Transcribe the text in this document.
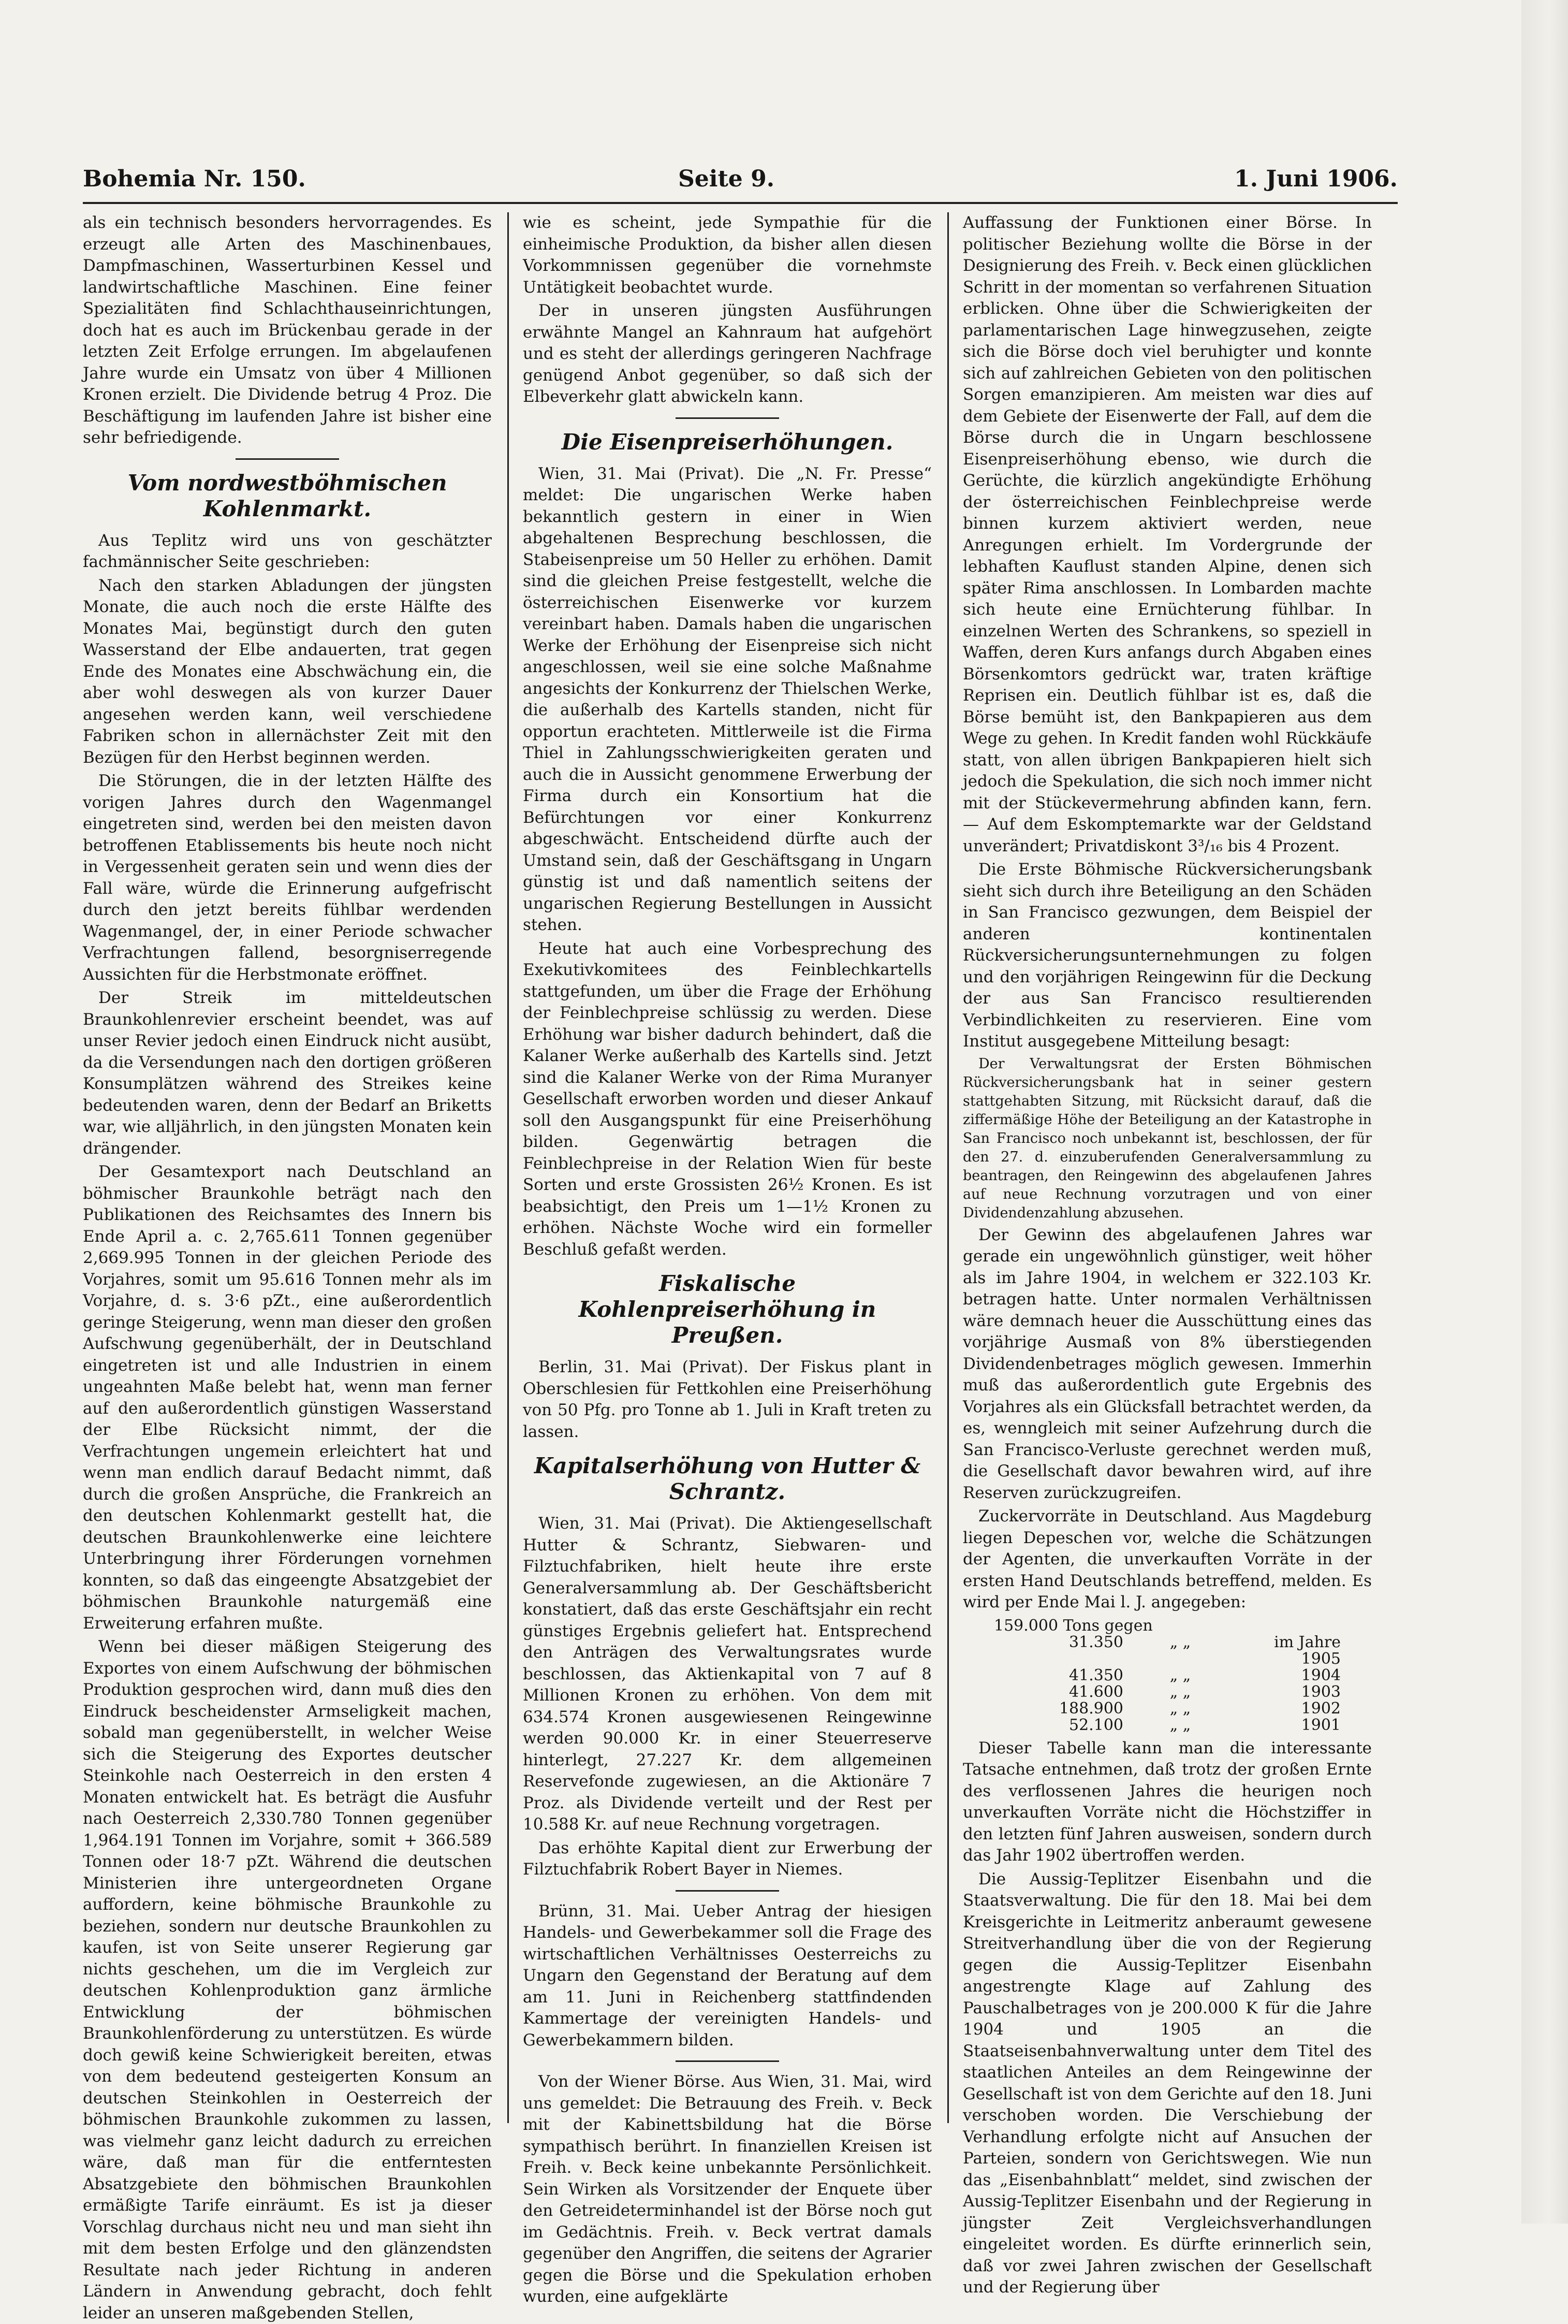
Bohemia Nr. 150.	Seite 9.	1. Juni 1906.

als ein technisch besonders hervorragendes. Es erzeugt alle Arten des Maschinenbaues, Dampfmaschinen, Wasserturbinen Kessel und landwirtschaftliche Maschinen. Eine feiner Spezialitäten find Schlachthauseinrichtungen, doch hat es auch im Brückenbau gerade in der letzten Zeit Erfolge errungen. Im abgelaufenen Jahre wurde ein Umsatz von über 4 Millionen Kronen erzielt. Die Dividende betrug 4 Proz. Die Beschäftigung im laufenden Jahre ist bisher eine sehr befriedigende.

Vom nordwestböhmischen Kohlenmarkt.

Aus Teplitz wird uns von geschätzter fachmännischer Seite geschrieben:

Nach den starken Abladungen der jüngsten Monate, die auch noch die erste Hälfte des Monates Mai, begünstigt durch den guten Wasserstand der Elbe andauerten, trat gegen Ende des Monates eine Abschwächung ein, die aber wohl deswegen als von kurzer Dauer angesehen werden kann, weil verschiedene Fabriken schon in allernächster Zeit mit den Bezügen für den Herbst beginnen werden.

Die Störungen, die in der letzten Hälfte des vorigen Jahres durch den Wagenmangel eingetreten sind, werden bei den meisten davon betroffenen Etablissements bis heute noch nicht in Vergessenheit geraten sein und wenn dies der Fall wäre, würde die Erinnerung aufgefrischt durch den jetzt bereits fühlbar werdenden Wagenmangel, der, in einer Periode schwacher Verfrachtungen fallend, besorgniserregende Aussichten für die Herbstmonate eröffnet.

Der Streik im mitteldeutschen Braunkohlenrevier erscheint beendet, was auf unser Revier jedoch einen Eindruck nicht ausübt, da die Versendungen nach den dortigen größeren Konsumplätzen während des Streikes keine bedeutenden waren, denn der Bedarf an Briketts war, wie alljährlich, in den jüngsten Monaten kein drängender.

Der Gesamtexport nach Deutschland an böhmischer Braunkohle beträgt nach den Publikationen des Reichsamtes des Innern bis Ende April a. c. 2,765.611 Tonnen gegenüber 2,669.995 Tonnen in der gleichen Periode des Vorjahres, somit um 95.616 Tonnen mehr als im Vorjahre, d. s. 3·6 pZt., eine außerordentlich geringe Steigerung, wenn man dieser den großen Aufschwung gegenüberhält, der in Deutschland eingetreten ist und alle Industrien in einem ungeahnten Maße belebt hat, wenn man ferner auf den außerordentlich günstigen Wasserstand der Elbe Rücksicht nimmt, der die Verfrachtungen ungemein erleichtert hat und wenn man endlich darauf Bedacht nimmt, daß durch die großen Ansprüche, die Frankreich an den deutschen Kohlenmarkt gestellt hat, die deutschen Braunkohlenwerke eine leichtere Unterbringung ihrer Förderungen vornehmen konnten, so daß das eingeengte Absatzgebiet der böhmischen Braunkohle naturgemäß eine Erweiterung erfahren mußte.

Wenn bei dieser mäßigen Steigerung des Exportes von einem Aufschwung der böhmischen Produktion gesprochen wird, dann muß dies den Eindruck bescheidenster Armseligkeit machen, sobald man gegenüberstellt, in welcher Weise sich die Steigerung des Exportes deutscher Steinkohle nach Oesterreich in den ersten 4 Monaten entwickelt hat. Es beträgt die Ausfuhr nach Oesterreich 2,330.780 Tonnen gegenüber 1,964.191 Tonnen im Vorjahre, somit + 366.589 Tonnen oder 18·7 pZt. Während die deutschen Ministerien ihre untergeordneten Organe auffordern, keine böhmische Braunkohle zu beziehen, sondern nur deutsche Braunkohlen zu kaufen, ist von Seite unserer Regierung gar nichts geschehen, um die im Vergleich zur deutschen Kohlenproduktion ganz ärmliche Entwicklung der böhmischen Braunkohlenförderung zu unterstützen. Es würde doch gewiß keine Schwierigkeit bereiten, etwas von dem bedeutend gesteigerten Konsum an deutschen Steinkohlen in Oesterreich der böhmischen Braunkohle zukommen zu lassen, was vielmehr ganz leicht dadurch zu erreichen wäre, daß man für die entferntesten Absatzgebiete den böhmischen Braunkohlen ermäßigte Tarife einräumt. Es ist ja dieser Vorschlag durchaus nicht neu und man sieht ihn mit dem besten Erfolge und den glänzendsten Resultate nach jeder Richtung in anderen Ländern in Anwendung gebracht, doch fehlt leider an unseren maßgebenden Stellen,

wie es scheint, jede Sympathie für die einheimische Produktion, da bisher allen diesen Vorkommnissen gegenüber die vornehmste Untätigkeit beobachtet wurde.

Der in unseren jüngsten Ausführungen erwähnte Mangel an Kahnraum hat aufgehört und es steht der allerdings geringeren Nachfrage genügend Anbot gegenüber, so daß sich der Elbeverkehr glatt abwickeln kann.

Die Eisenpreiserhöhungen.

Wien, 31. Mai (Privat). Die „N. Fr. Presse“ meldet: Die ungarischen Werke haben bekanntlich gestern in einer in Wien abgehaltenen Besprechung beschlossen, die Stabeisenpreise um 50 Heller zu erhöhen. Damit sind die gleichen Preise festgestellt, welche die österreichischen Eisenwerke vor kurzem vereinbart haben. Damals haben die ungarischen Werke der Erhöhung der Eisenpreise sich nicht angeschlossen, weil sie eine solche Maßnahme angesichts der Konkurrenz der Thielschen Werke, die außerhalb des Kartells standen, nicht für opportun erachteten. Mittlerweile ist die Firma Thiel in Zahlungsschwierigkeiten geraten und auch die in Aussicht genommene Erwerbung der Firma durch ein Konsortium hat die Befürchtungen vor einer Konkurrenz abgeschwächt. Entscheidend dürfte auch der Umstand sein, daß der Geschäftsgang in Ungarn günstig ist und daß namentlich seitens der ungarischen Regierung Bestellungen in Aussicht stehen.

Heute hat auch eine Vorbesprechung des Exekutivkomitees des Feinblechkartells stattgefunden, um über die Frage der Erhöhung der Feinblechpreise schlüssig zu werden. Diese Erhöhung war bisher dadurch behindert, daß die Kalaner Werke außerhalb des Kartells sind. Jetzt sind die Kalaner Werke von der Rima Muranyer Gesellschaft erworben worden und dieser Ankauf soll den Ausgangspunkt für eine Preiserhöhung bilden. Gegenwärtig betragen die Feinblechpreise in der Relation Wien für beste Sorten und erste Grossisten 26½ Kronen. Es ist beabsichtigt, den Preis um 1—1½ Kronen zu erhöhen. Nächste Woche wird ein formeller Beschluß gefaßt werden.

Fiskalische Kohlenpreiserhöhung in Preußen.

Berlin, 31. Mai (Privat). Der Fiskus plant in Oberschlesien für Fettkohlen eine Preiserhöhung von 50 Pfg. pro Tonne ab 1. Juli in Kraft treten zu lassen.

Kapitalserhöhung von Hutter & Schrantz.

Wien, 31. Mai (Privat). Die Aktiengesellschaft Hutter & Schrantz, Siebwaren- und Filztuchfabriken, hielt heute ihre erste Generalversammlung ab. Der Geschäftsbericht konstatiert, daß das erste Geschäftsjahr ein recht günstiges Ergebnis geliefert hat. Entsprechend den Anträgen des Verwaltungsrates wurde beschlossen, das Aktienkapital von 7 auf 8 Millionen Kronen zu erhöhen. Von dem mit 634.574 Kronen ausgewiesenen Reingewinne werden 90.000 Kr. in einer Steuerreserve hinterlegt, 27.227 Kr. dem allgemeinen Reservefonde zugewiesen, an die Aktionäre 7 Proz. als Dividende verteilt und der Rest per 10.588 Kr. auf neue Rechnung vorgetragen.

Das erhöhte Kapital dient zur Erwerbung der Filztuchfabrik Robert Bayer in Niemes.

Brünn, 31. Mai. Ueber Antrag der hiesigen Handels- und Gewerbekammer soll die Frage des wirtschaftlichen Verhältnisses Oesterreichs zu Ungarn den Gegenstand der Beratung auf dem am 11. Juni in Reichenberg stattfindenden Kammertage der vereinigten Handels- und Gewerbekammern bilden.

Von der Wiener Börse. Aus Wien, 31. Mai, wird uns gemeldet: Die Betrauung des Freih. v. Beck mit der Kabinettsbildung hat die Börse sympathisch berührt. In finanziellen Kreisen ist Freih. v. Beck keine unbekannte Persönlichkeit. Sein Wirken als Vorsitzender der Enquete über den Getreideterminhandel ist der Börse noch gut im Gedächtnis. Freih. v. Beck vertrat damals gegenüber den Angriffen, die seitens der Agrarier gegen die Börse und die Spekulation erhoben wurden, eine aufgeklärte

Auffassung der Funktionen einer Börse. In politischer Beziehung wollte die Börse in der Designierung des Freih. v. Beck einen glücklichen Schritt in der momentan so verfahrenen Situation erblicken. Ohne über die Schwierigkeiten der parlamentarischen Lage hinwegzusehen, zeigte sich die Börse doch viel beruhigter und konnte sich auf zahlreichen Gebieten von den politischen Sorgen emanzipieren. Am meisten war dies auf dem Gebiete der Eisenwerte der Fall, auf dem die Börse durch die in Ungarn beschlossene Eisenpreiserhöhung ebenso, wie durch die Gerüchte, die kürzlich angekündigte Erhöhung der österreichischen Feinblechpreise werde binnen kurzem aktiviert werden, neue Anregungen erhielt. Im Vordergrunde der lebhaften Kauflust standen Alpine, denen sich später Rima anschlossen. In Lombarden machte sich heute eine Ernüchterung fühlbar. In einzelnen Werten des Schrankens, so speziell in Waffen, deren Kurs anfangs durch Abgaben eines Börsenkomtors gedrückt war, traten kräftige Reprisen ein. Deutlich fühlbar ist es, daß die Börse bemüht ist, den Bankpapieren aus dem Wege zu gehen. In Kredit fanden wohl Rückkäufe statt, von allen übrigen Bankpapieren hielt sich jedoch die Spekulation, die sich noch immer nicht mit der Stückevermehrung abfinden kann, fern. — Auf dem Eskomptemarkte war der Geldstand unverändert; Privatdiskont 3³/₁₆ bis 4 Prozent.

Die Erste Böhmische Rückversicherungsbank sieht sich durch ihre Beteiligung an den Schäden in San Francisco gezwungen, dem Beispiel der anderen kontinentalen Rückversicherungsunternehmungen zu folgen und den vorjährigen Reingewinn für die Deckung der aus San Francisco resultierenden Verbindlichkeiten zu reservieren. Eine vom Institut ausgegebene Mitteilung besagt:

Der Verwaltungsrat der Ersten Böhmischen Rückversicherungsbank hat in seiner gestern stattgehabten Sitzung, mit Rücksicht darauf, daß die ziffermäßige Höhe der Beteiligung an der Katastrophe in San Francisco noch unbekannt ist, beschlossen, der für den 27. d. einzuberufenden Generalversammlung zu beantragen, den Reingewinn des abgelaufenen Jahres auf neue Rechnung vorzutragen und von einer Dividendenzahlung abzusehen.

Der Gewinn des abgelaufenen Jahres war gerade ein ungewöhnlich günstiger, weit höher als im Jahre 1904, in welchem er 322.103 Kr. betragen hatte. Unter normalen Verhältnissen wäre demnach heuer die Ausschüttung eines das vorjährige Ausmaß von 8% überstiegenden Dividendenbetrages möglich gewesen. Immerhin muß das außerordentlich gute Ergebnis des Vorjahres als ein Glücksfall betrachtet werden, da es, wenngleich mit seiner Aufzehrung durch die San Francisco-Verluste gerechnet werden muß, die Gesellschaft davor bewahren wird, auf ihre Reserven zurückzugreifen.

Zuckervorräte in Deutschland. Aus Magdeburg liegen Depeschen vor, welche die Schätzungen der Agenten, die unverkauften Vorräte in der ersten Hand Deutschlands betreffend, melden. Es wird per Ende Mai l. J. angegeben:

159.000 Tons gegen
31.350	„ „	im Jahre 1905
41.350	„ „	1904
41.600	„ „	1903
188.900	„ „	1902
52.100	„ „	1901

Dieser Tabelle kann man die interessante Tatsache entnehmen, daß trotz der großen Ernte des verflossenen Jahres die heurigen noch unverkauften Vorräte nicht die Höchstziffer in den letzten fünf Jahren ausweisen, sondern durch das Jahr 1902 übertroffen werden.

Die Aussig-Teplitzer Eisenbahn und die Staatsverwaltung. Die für den 18. Mai bei dem Kreisgerichte in Leitmeritz anberaumt gewesene Streitverhandlung über die von der Regierung gegen die Aussig-Teplitzer Eisenbahn angestrengte Klage auf Zahlung des Pauschalbetrages von je 200.000 K für die Jahre 1904 und 1905 an die Staatseisenbahnverwaltung unter dem Titel des staatlichen Anteiles an dem Reingewinne der Gesellschaft ist von dem Gerichte auf den 18. Juni verschoben worden. Die Verschiebung der Verhandlung erfolgte nicht auf Ansuchen der Parteien, sondern von Gerichtswegen. Wie nun das „Eisenbahnblatt“ meldet, sind zwischen der Aussig-Teplitzer Eisenbahn und der Regierung in jüngster Zeit Vergleichsverhandlungen eingeleitet worden. Es dürfte erinnerlich sein, daß vor zwei Jahren zwischen der Gesellschaft und der Regierung über
